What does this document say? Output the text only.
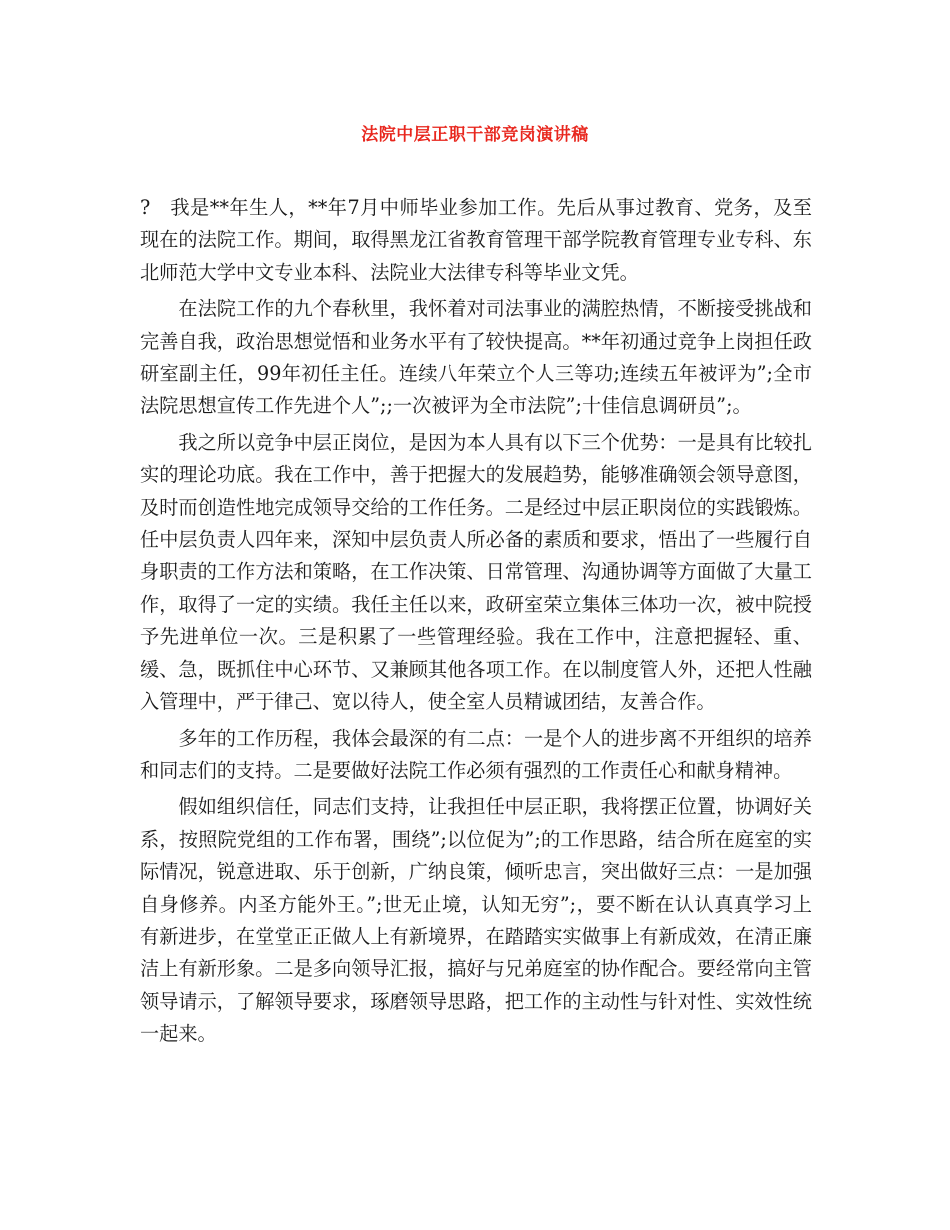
法院中层正职干部竞岗演讲稿

?　我是**年生人，**年7月中师毕业参加工作。先后从事过教育、党务，及至现在的法院工作。期间，取得黑龙江省教育管理干部学院教育管理专业专科、东北师范大学中文专业本科、法院业大法律专科等毕业文凭。

在法院工作的九个春秋里，我怀着对司法事业的满腔热情，不断接受挑战和完善自我，政治思想觉悟和业务水平有了较快提高。**年初通过竞争上岗担任政研室副主任，99年初任主任。连续八年荣立个人三等功;连续五年被评为”;全市法院思想宣传工作先进个人”;;一次被评为全市法院”;十佳信息调研员”;。

我之所以竞争中层正岗位，是因为本人具有以下三个优势：一是具有比较扎实的理论功底。我在工作中，善于把握大的发展趋势，能够准确领会领导意图，及时而创造性地完成领导交给的工作任务。二是经过中层正职岗位的实践锻炼。任中层负责人四年来，深知中层负责人所必备的素质和要求，悟出了一些履行自身职责的工作方法和策略，在工作决策、日常管理、沟通协调等方面做了大量工作，取得了一定的实绩。我任主任以来，政研室荣立集体三体功一次，被中院授予先进单位一次。三是积累了一些管理经验。我在工作中，注意把握轻、重、缓、急，既抓住中心环节、又兼顾其他各项工作。在以制度管人外，还把人性融入管理中，严于律己、宽以待人，使全室人员精诚团结，友善合作。

多年的工作历程，我体会最深的有二点：一是个人的进步离不开组织的培养和同志们的支持。二是要做好法院工作必须有强烈的工作责任心和献身精神。

假如组织信任，同志们支持，让我担任中层正职，我将摆正位置，协调好关系，按照院党组的工作布署，围绕”;以位促为”;的工作思路，结合所在庭室的实际情况，锐意进取、乐于创新，广纳良策，倾听忠言，突出做好三点：一是加强自身修养。内圣方能外王。”;世无止境，认知无穷”;，要不断在认认真真学习上有新进步，在堂堂正正做人上有新境界，在踏踏实实做事上有新成效，在清正廉洁上有新形象。二是多向领导汇报，搞好与兄弟庭室的协作配合。要经常向主管领导请示，了解领导要求，琢磨领导思路，把工作的主动性与针对性、实效性统一起来。
